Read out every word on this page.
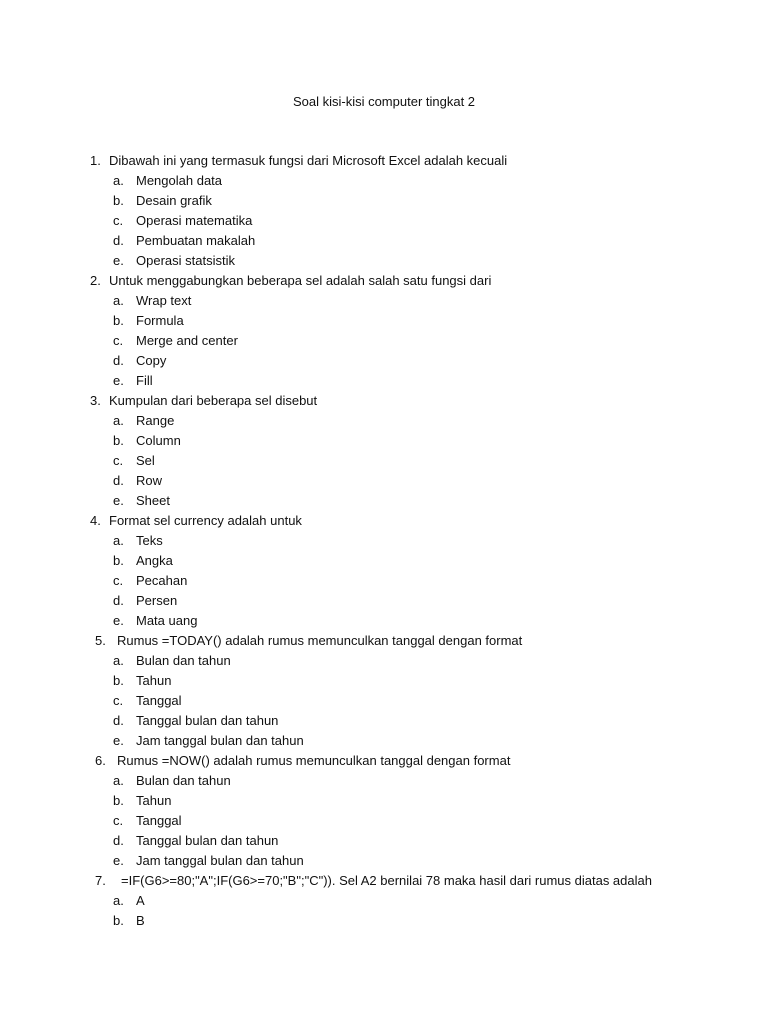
Soal kisi-kisi computer tingkat 2
1. Dibawah ini yang termasuk fungsi dari Microsoft Excel adalah kecuali
a. Mengolah data
b. Desain grafik
c. Operasi matematika
d. Pembuatan makalah
e. Operasi statsistik
2. Untuk menggabungkan beberapa sel adalah salah satu fungsi dari
a. Wrap text
b. Formula
c. Merge and center
d. Copy
e. Fill
3. Kumpulan dari beberapa sel disebut
a. Range
b. Column
c. Sel
d. Row
e. Sheet
4. Format sel currency adalah untuk
a. Teks
b. Angka
c. Pecahan
d. Persen
e. Mata uang
5. Rumus =TODAY() adalah rumus memunculkan tanggal dengan format
a. Bulan dan tahun
b. Tahun
c. Tanggal
d. Tanggal bulan dan tahun
e. Jam tanggal bulan dan tahun
6. Rumus =NOW() adalah rumus memunculkan tanggal dengan format
a. Bulan dan tahun
b. Tahun
c. Tanggal
d. Tanggal bulan dan tahun
e. Jam tanggal bulan dan tahun
7. =IF(G6>=80;"A";IF(G6>=70;"B";"C")). Sel A2 bernilai 78 maka hasil dari rumus diatas adalah
a. A
b. B
